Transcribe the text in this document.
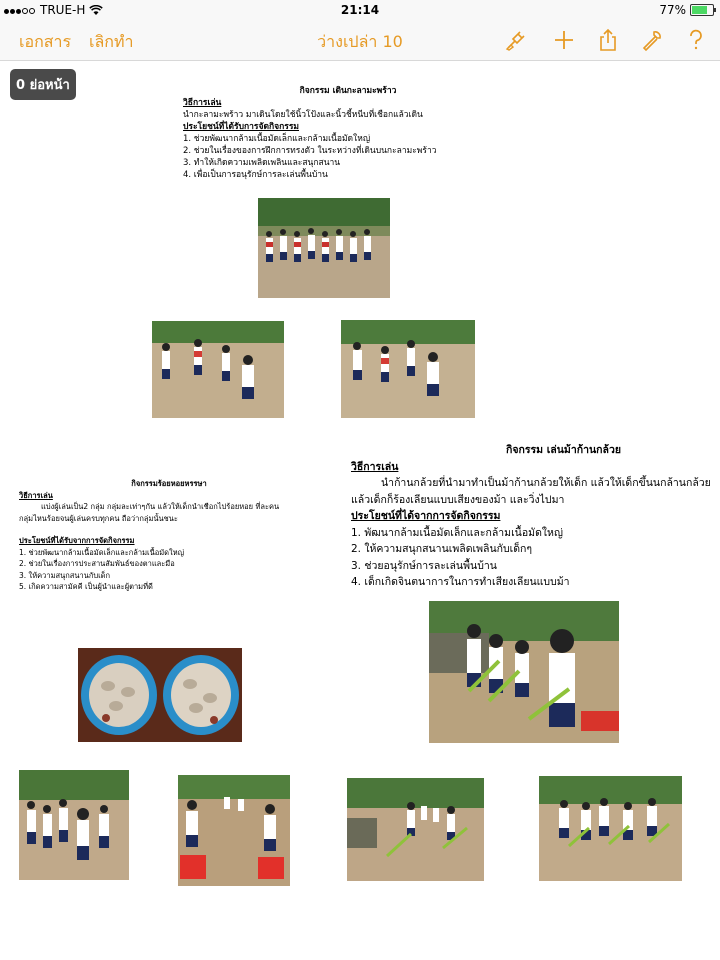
TRUE-H	21:14	77%
เอกสาร เลิกทำ	ว่างเปล่า 10
0 ย่อหน้า	กิจกรรม เดินกะลามะพร้าว
วิธีการเล่น
นำกะลามะพร้าว มาเดินโดยใช้นิ้วโป้งและนิ้วชี้หนีบที่เชือกแล้วเดิน
ประโยชน์ที่ได้รับการจัดกิจกรรม
1. ช่วยพัฒนากล้ามเนื้อมัดเล็กและกล้ามเนื้อมัดใหญ่
2. ช่วยในเรื่องของการฝึกการทรงตัว ในระหว่างที่เดินบนกะลามะพร้าว
3. ทำให้เกิดความเพลิดเพลินและสนุกสนาน
4. เพื่อเป็นการอนุรักษ์การละเล่นพื้นบ้าน
กิจกรรมร้อยหอยหรรษา
วิธีการเล่น
แบ่งผู้เล่นเป็น2 กลุ่ม กลุ่มละเท่าๆกัน แล้วให้เด็กนำเชือกไปร้อยหอย ที่ละคน
กลุ่มไหนร้อยจนผู้เล่นครบทุกคน ถือว่ากลุ่มนั้นชนะ
ประโยชน์ที่ได้รับจากการจัดกิจกรรม
1. ช่วยพัฒนากล้ามเนื้อมัดเล็กและกล้ามเนื้อมัดใหญ่
2. ช่วยในเรื่องการประสานสัมพันธ์ของตาและมือ
3. ให้ความสนุกสนานกับเด็ก
5. เกิดความสามัคคี เป็นผู้นำและผู้ตามที่ดี
กิจกรรม เล่นม้าก้านกล้วย
วิธีการเล่น
นำก้านกล้วยที่นำมาทำเป็นม้าก้านกล้วยให้เด็ก แล้วให้เด็กขึ้นนกล้านกล้วย
แล้วเด็กก็ร้องเลียนแบบเสียงของม้า และวิ่งไปมา
ประโยชน์ที่ได้จากการจัดกิจกรรม
1. พัฒนากล้ามเนื้อมัดเล็กและกล้ามเนื้อมัดใหญ่
2. ให้ความสนุกสนานเพลิดเพลินกับเด็กๆ
3. ช่วยอนุรักษ์การละเล่นพื้นบ้าน
4. เด็กเกิดจินตนาการในการทำเสียงเลียนแบบม้า
